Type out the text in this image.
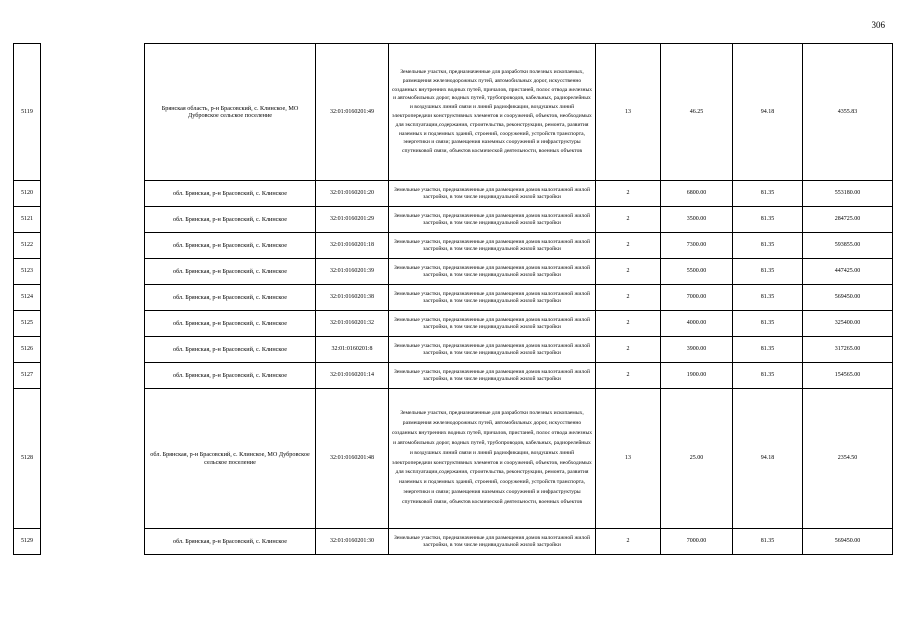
306
5119		Брянская область, р-н Брасовский, с. Клинское, МО Дубровское сельское поселение	32:01:0160201:49	Земельные участки, предназначенные для разработки полезных ископаемых, размещения железнодорожных путей, автомобильных дорог, искусственно созданных внутренних водных путей, причалов, пристаней, полос отвода железных и автомобильных дорог, водных путей, трубопроводов, кабельных, радиорелейных и воздушных линий связи и линий радиофикации, воздушных линий электропередачи конструктивных элементов и сооружений, объектов, необходимых для эксплуатации,содержания, строительства, реконструкции, ремонта, развития наземных и подземных зданий, строений, сооружений, устройств транспорта, энергетики и связи; размещения наземных сооружений и инфраструктуры спутниковой связи, объектов космической деятельности, военных объектов	13	46.25	94.18	4355.83
5120		обл. Брянская, р-н Брасовский, с. Клинское	32:01:0160201:20	Земельные участки, предназначенные для размещения домов малоэтажной жилой застройки, в том числе индивидуальной жилой застройки	2	6800.00	81.35	553180.00
5121		обл. Брянская, р-н Брасовский, с. Клинское	32:01:0160201:29	Земельные участки, предназначенные для размещения домов малоэтажной жилой застройки, в том числе индивидуальной жилой застройки	2	3500.00	81.35	284725.00
5122		обл. Брянская, р-н Брасовский, с. Клинское	32:01:0160201:18	Земельные участки, предназначенные для размещения домов малоэтажной жилой застройки, в том числе индивидуальной жилой застройки	2	7300.00	81.35	593855.00
5123		обл. Брянская, р-н Брасовский, с. Клинское	32:01:0160201:39	Земельные участки, предназначенные для размещения домов малоэтажной жилой застройки, в том числе индивидуальной жилой застройки	2	5500.00	81.35	447425.00
5124		обл. Брянская, р-н Брасовский, с. Клинское	32:01:0160201:38	Земельные участки, предназначенные для размещения домов малоэтажной жилой застройки, в том числе индивидуальной жилой застройки	2	7000.00	81.35	569450.00
5125		обл. Брянская, р-н Брасовский, с. Клинское	32:01:0160201:32	Земельные участки, предназначенные для размещения домов малоэтажной жилой застройки, в том числе индивидуальной жилой застройки	2	4000.00	81.35	325400.00
5126		обл. Брянская, р-н Брасовский, с. Клинское	32:01:0160201:8	Земельные участки, предназначенные для размещения домов малоэтажной жилой застройки, в том числе индивидуальной жилой застройки	2	3900.00	81.35	317265.00
5127		обл. Брянская, р-н Брасовский, с. Клинское	32:01:0160201:14	Земельные участки, предназначенные для размещения домов малоэтажной жилой застройки, в том числе индивидуальной жилой застройки	2	1900.00	81.35	154565.00
5128		обл. Брянская, р-н Брасовский, с. Клинское, МО Дубровское сельское поселение	32:01:0160201:48	Земельные участки, предназначенные для разработки полезных ископаемых, размещения железнодорожных путей, автомобильных дорог, искусственно созданных внутренних водных путей, причалов, пристаней, полос отвода железных и автомобильных дорог, водных путей, трубопроводов, кабельных, радиорелейных и воздушных линий связи и линий радиофикации, воздушных линий электропередачи конструктивных элементов и сооружений, объектов, необходимых для эксплуатации,содержания, строительства, реконструкции, ремонта, развития наземных и подземных зданий, строений, сооружений, устройств транспорта, энергетики и связи; размещения наземных сооружений и инфраструктуры спутниковой связи, объектов космической деятельности, военных объектов	13	25.00	94.18	2354.50
5129		обл. Брянская, р-н Брасовский, с. Клинское	32:01:0160201:30	Земельные участки, предназначенные для размещения домов малоэтажной жилой застройки, в том числе индивидуальной жилой застройки	2	7000.00	81.35	569450.00
